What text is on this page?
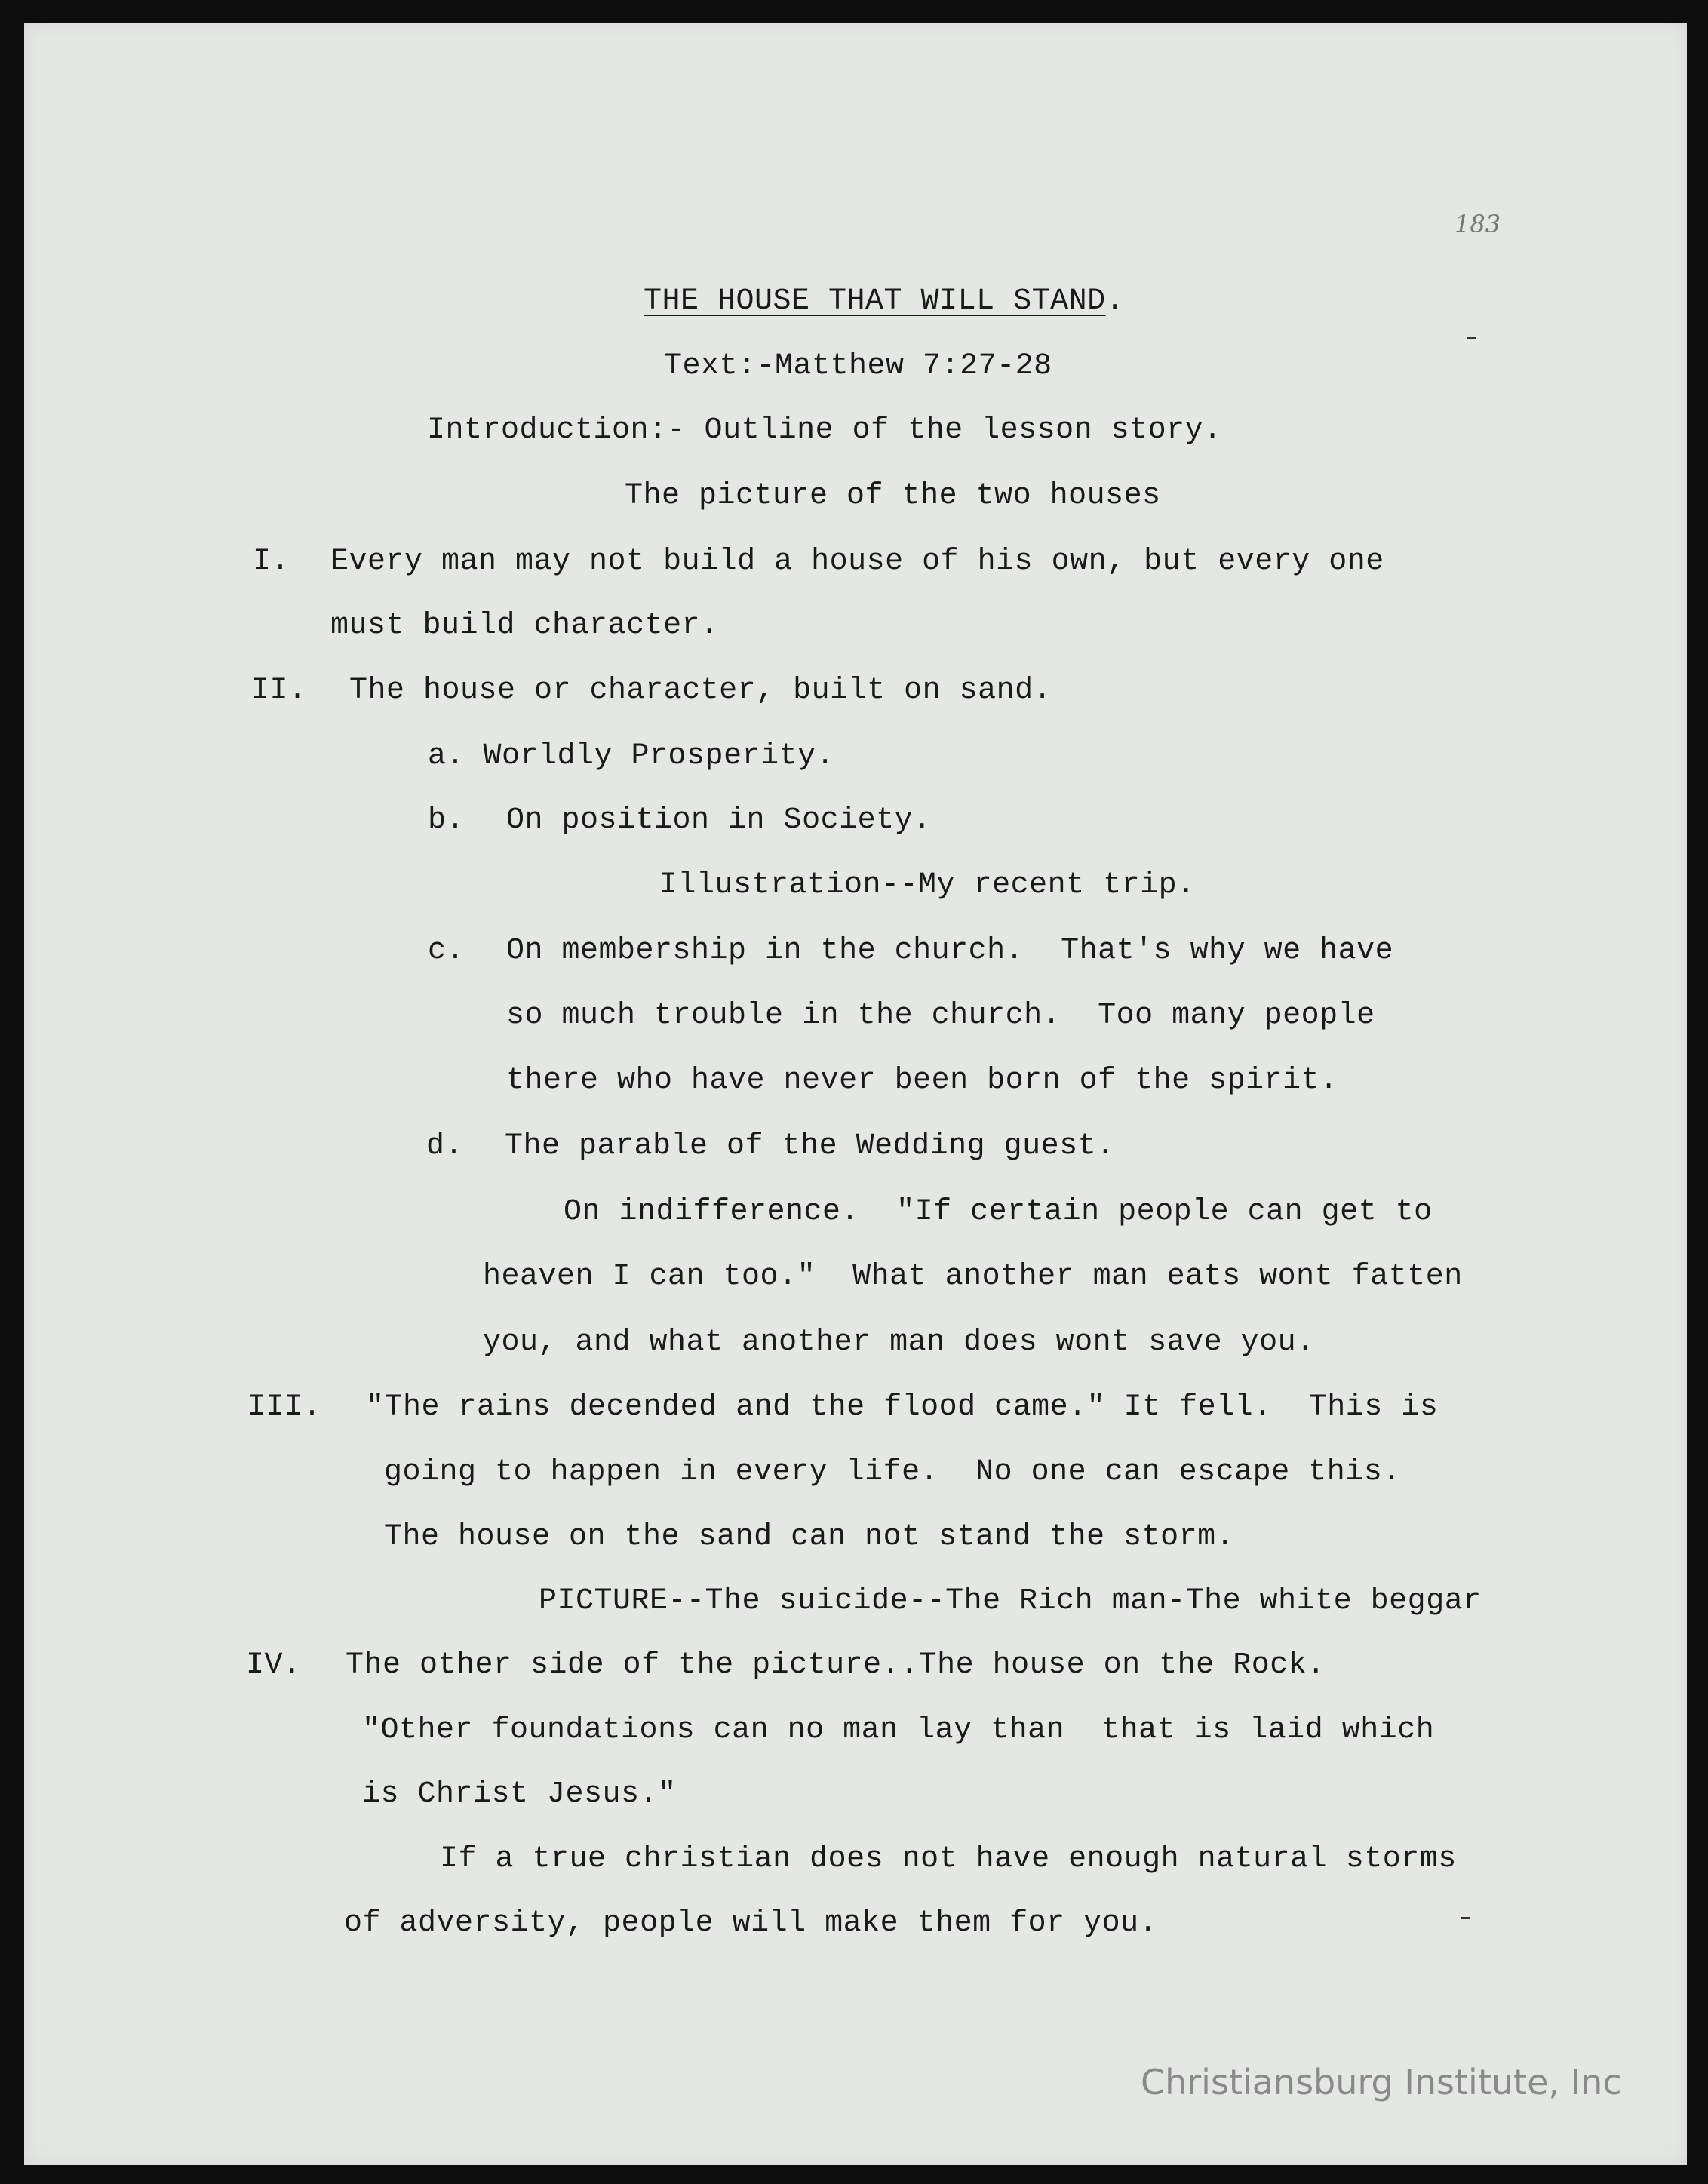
183
THE HOUSE THAT WILL STAND.
Text:-Matthew 7:27-28
Introduction:- Outline of the lesson story.
The picture of the two houses
I. Every man may not build a house of his own, but every one
must build character.
II. The house or character, built on sand.
a. Worldly Prosperity.
b. On position in Society.
Illustration--My recent trip.
c. On membership in the church.  That's why we have
so much trouble in the church.  Too many people
there who have never been born of the spirit.
d. The parable of the Wedding guest.
On indifference.  "If certain people can get to
heaven I can too."  What another man eats wont fatten
you, and what another man does wont save you.
III. "The rains decended and the flood came." It fell.  This is
going to happen in every life.  No one can escape this.
The house on the sand can not stand the storm.
PICTURE--The suicide--The Rich man-The white beggar
IV. The other side of the picture..The house on the Rock.
"Other foundations can no man lay than  that is laid which
is Christ Jesus."
If a true christian does not have enough natural storms
of adversity, people will make them for you.
Christiansburg Institute, Inc
